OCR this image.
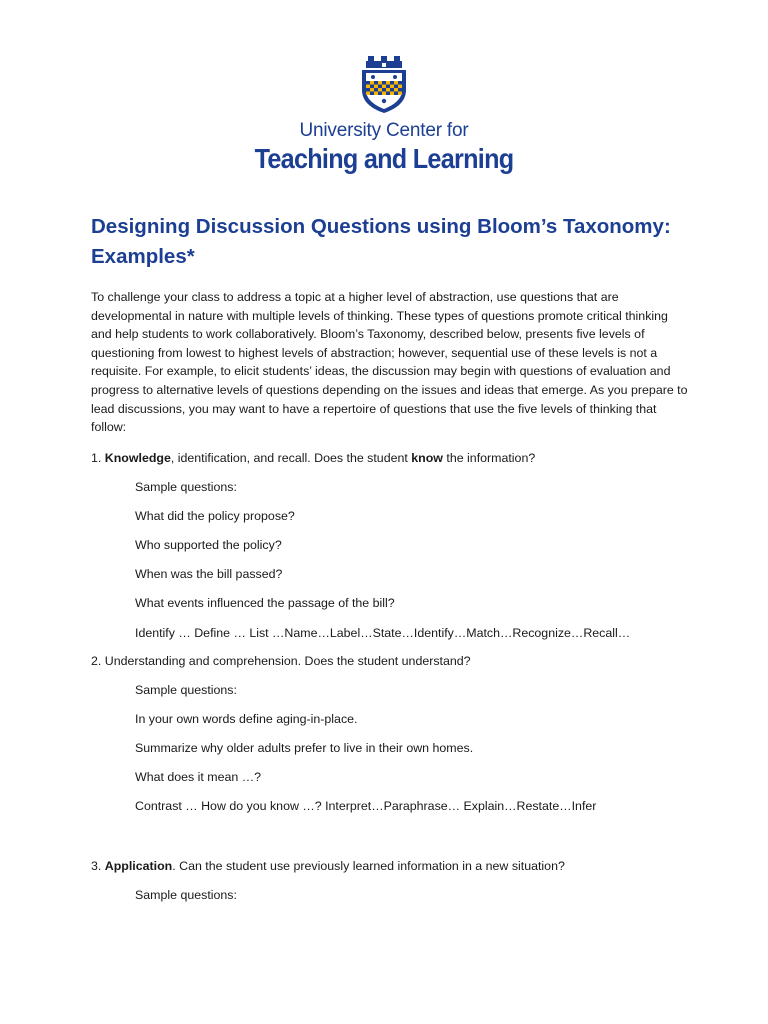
University Center for
Teaching and Learning
Designing Discussion Questions using Bloom’s Taxonomy: Examples*
To challenge your class to address a topic at a higher level of abstraction, use questions that are developmental in nature with multiple levels of thinking. These types of questions promote critical thinking and help students to work collaboratively. Bloom’s Taxonomy, described below, presents five levels of questioning from lowest to highest levels of abstraction; however, sequential use of these levels is not a requisite. For example, to elicit students’ ideas, the discussion may begin with questions of evaluation and progress to alternative levels of questions depending on the issues and ideas that emerge. As you prepare to lead discussions, you may want to have a repertoire of questions that use the five levels of thinking that follow:
1. Knowledge, identification, and recall. Does the student know the information?
Sample questions:
What did the policy propose?
Who supported the policy?
When was the bill passed?
What events influenced the passage of the bill?
Identify … Define … List …Name…Label…State…Identify…Match…Recognize…Recall…
2. Understanding and comprehension. Does the student understand?
Sample questions:
In your own words define aging-in-place.
Summarize why older adults prefer to live in their own homes.
What does it mean …?
Contrast … How do you know …? Interpret…Paraphrase… Explain…Restate…Infer
3. Application. Can the student use previously learned information in a new situation?
Sample questions:
